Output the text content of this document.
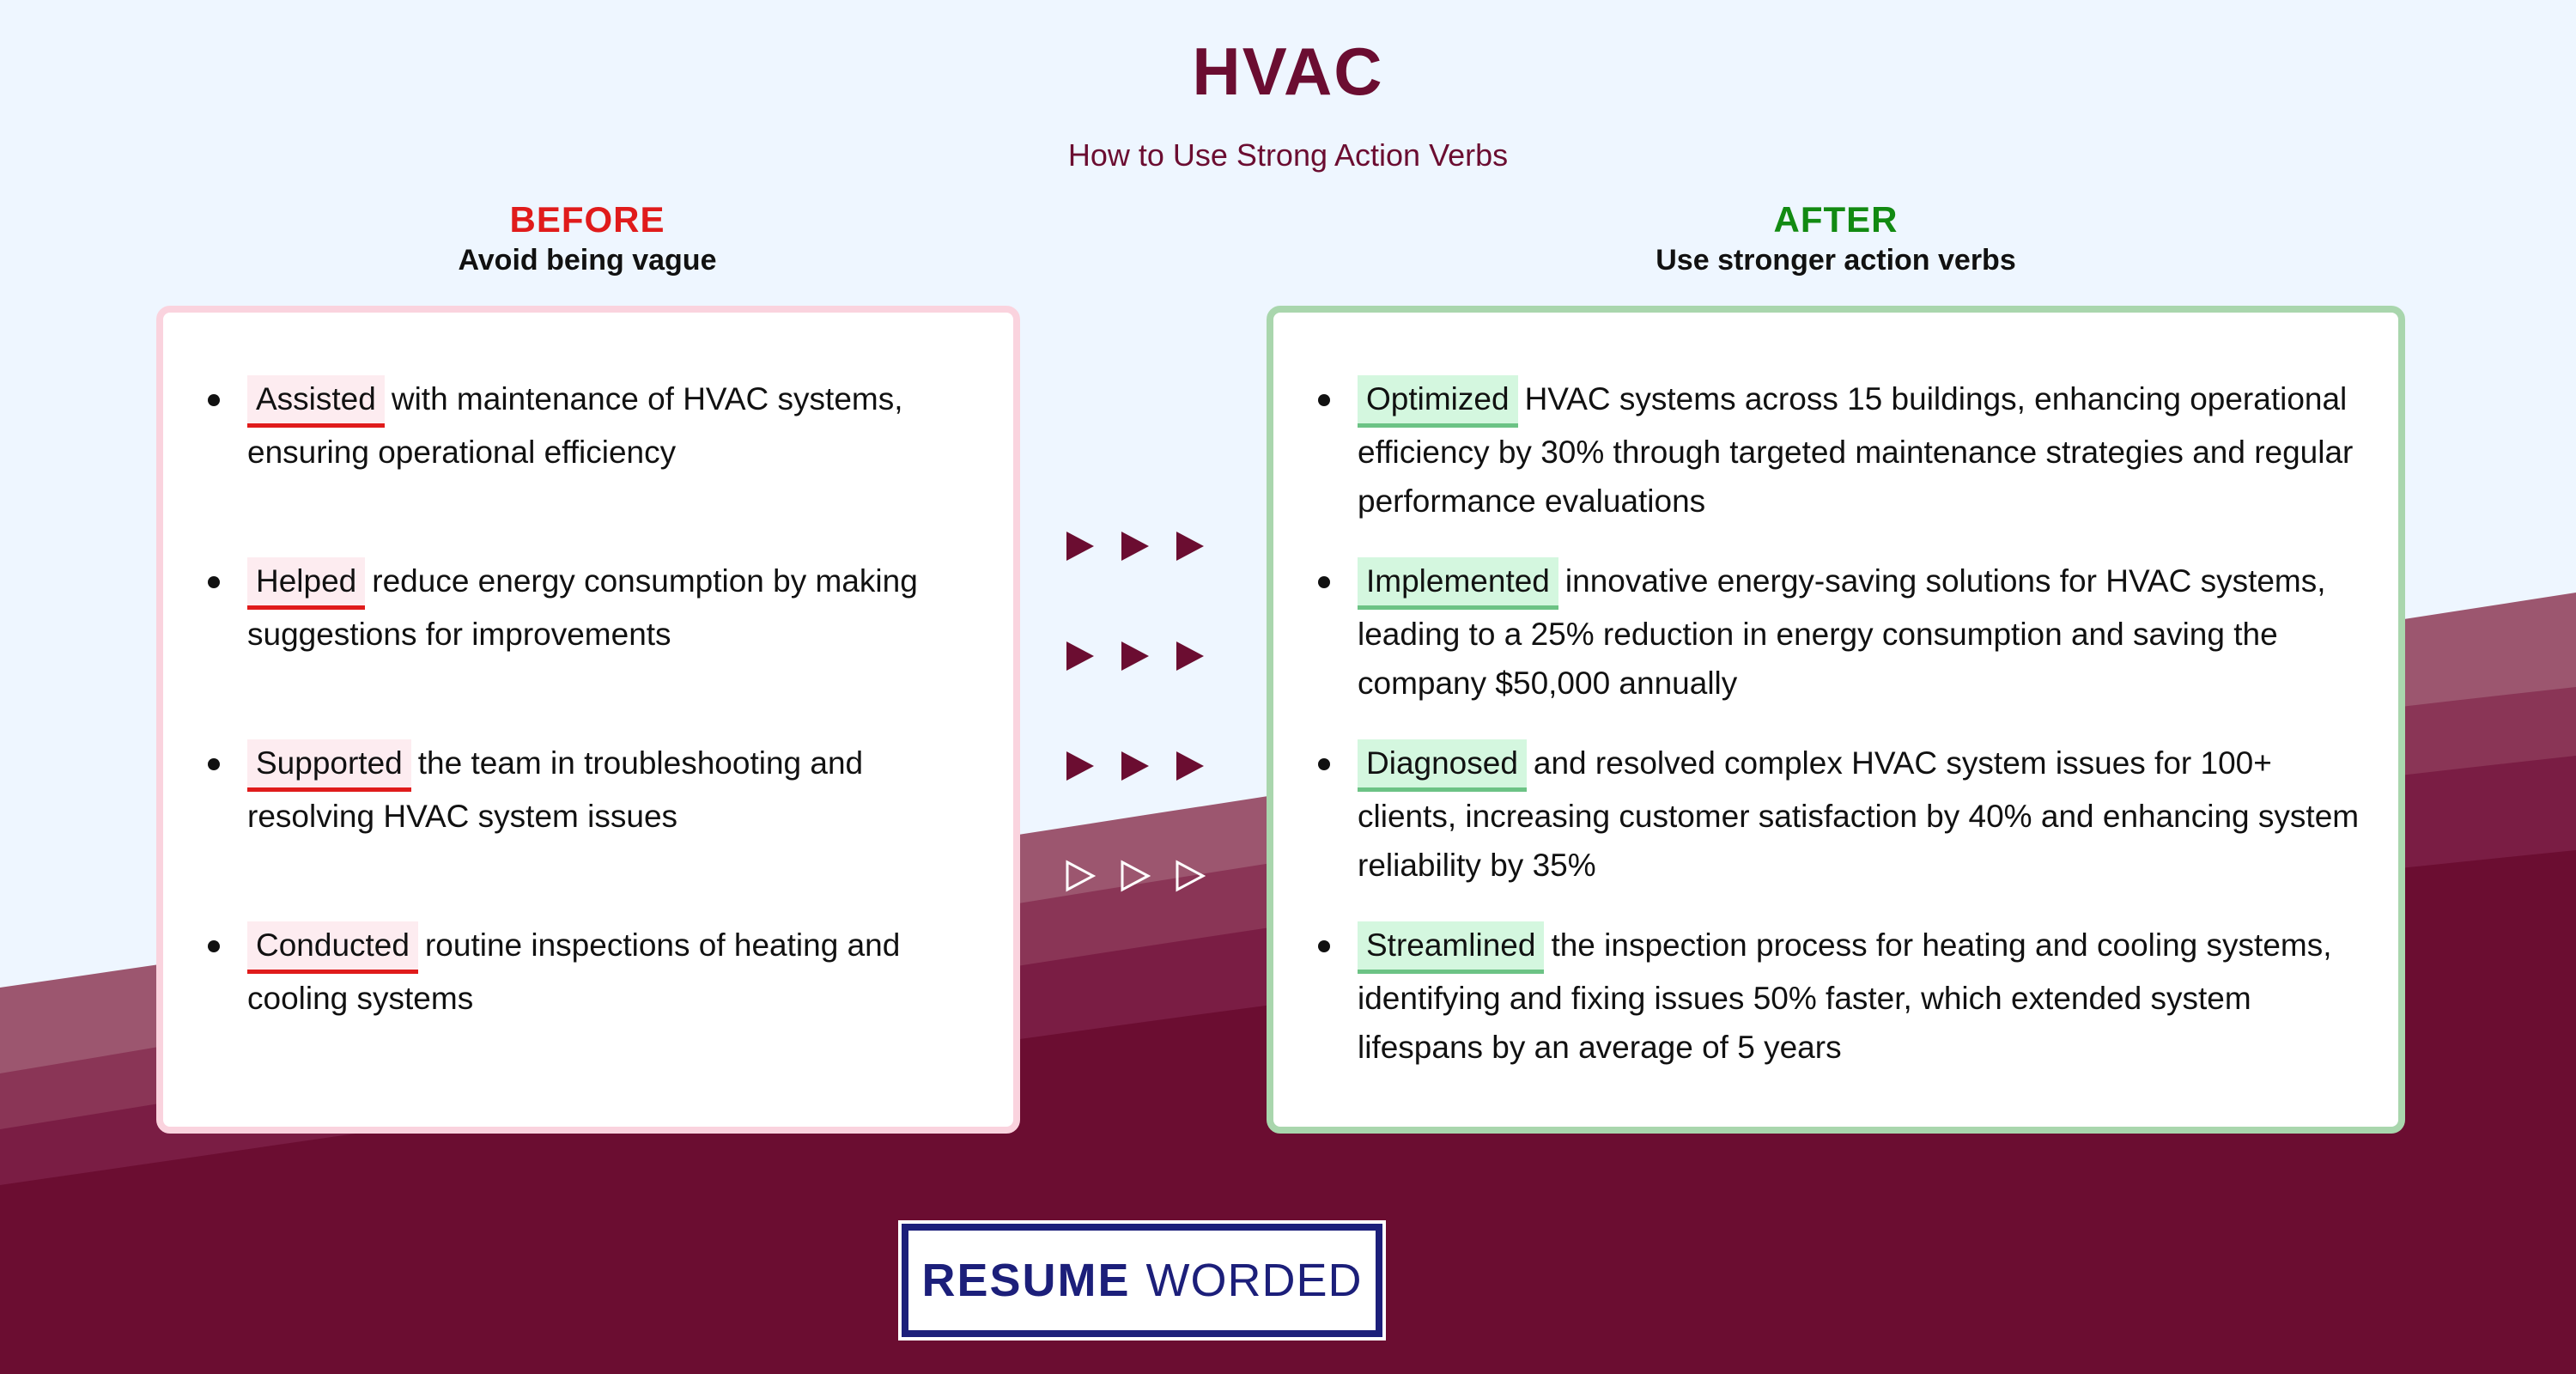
HVAC
How to Use Strong Action Verbs
BEFORE
Avoid being vague
AFTER
Use stronger action verbs
Assisted with maintenance of HVAC systems, ensuring operational efficiency
Helped reduce energy consumption by making suggestions for improvements
Supported the team in troubleshooting and resolving HVAC system issues
Conducted routine inspections of heating and cooling systems
Optimized HVAC systems across 15 buildings, enhancing operational efficiency by 30% through targeted maintenance strategies and regular performance evaluations
Implemented innovative energy-saving solutions for HVAC systems, leading to a 25% reduction in energy consumption and saving the company $50,000 annually
Diagnosed and resolved complex HVAC system issues for 100+ clients, increasing customer satisfaction by 40% and enhancing system reliability by 35%
Streamlined the inspection process for heating and cooling systems, identifying and fixing issues 50% faster, which extended system lifespans by an average of 5 years
RESUME WORDED
